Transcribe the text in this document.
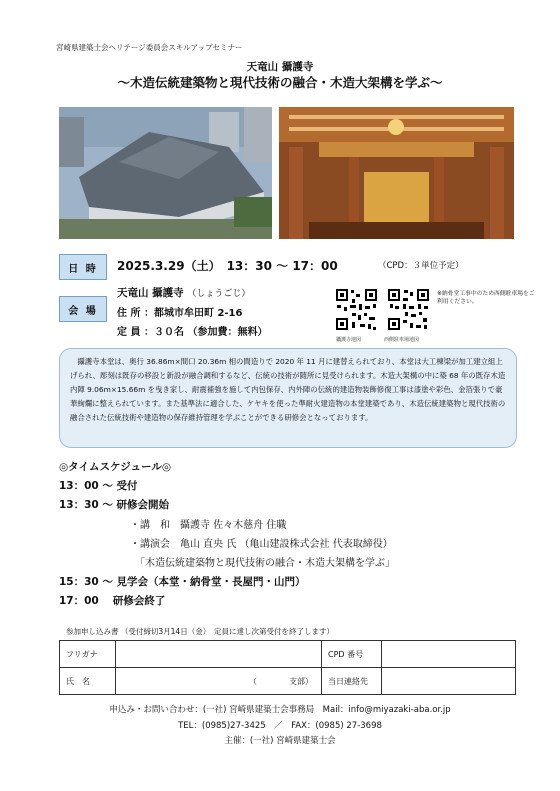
宮崎県建築士会ヘリテージ委員会スキルアップセミナー
天竜山 攝護寺
～木造伝統建築物と現代技術の融合・木造大架構を学ぶ～
日 時	2025.3.29（土）　13：30 ～ 17：00	（CPD：３単位予定）
会 場
天竜山 攝護寺 （しょうごじ）
住 所 ：都城市牟田町 2-16
定 員 ：３０名 （参加費：無料）
攝護寺地図	西側駐車場地図
※納骨堂工事中のため西側駐車場をご利用ください。
攝護寺本堂は、奥行 36.86m×間口 20.36m 相の間造りで 2020 年 11 月に建替えられており、本堂は大工棟梁が加工建立組上げられ、彫刻は既存の移設と新設が融合調和するなど、伝統の技術が随所に見受けられます。木造大架構の中に築 68 年の既存木造内陣 9.06m×15.66m を曳き家し、耐震補強を施して内包保存、内外陣の伝統的建造物装飾修復工事は漆塗や彩色、金箔張りで豪華絢爛に整えられています。また基準法に適合した、ケヤキを使った準耐火建造物の本堂建築であり、木造伝統建築物と現代技術の融合された伝統技術や建造物の保存維持管理を学ぶことができる研修会となっております。
◎タイムスケジュール◎
13：00 ～ 受付
13：30 ～ 研修会開始
・講　和　攝護寺 佐々木慈舟 住職
・講演会　亀山 直央 氏 （亀山建設株式会社 代表取締役）
「木造伝統建築物と現代技術の融合・木造大架構を学ぶ」
15：30 ～ 見学会（本堂・納骨堂・長屋門・山門）
17：00　 研修会終了
参加申し込み書 （受付締切3月14日（金）　定員に達し次第受付を終了します）
フリガナ		CPD 番号	
氏　名	（　　　　支部）	当日連絡先	
申込み・お問い合わせ：(一社) 宮崎県建築士会事務局　Mail：info@miyazaki-aba.or.jp
TEL：(0985)27-3425　／　FAX：(0985) 27-3698
主催：(一社) 宮崎県建築士会
